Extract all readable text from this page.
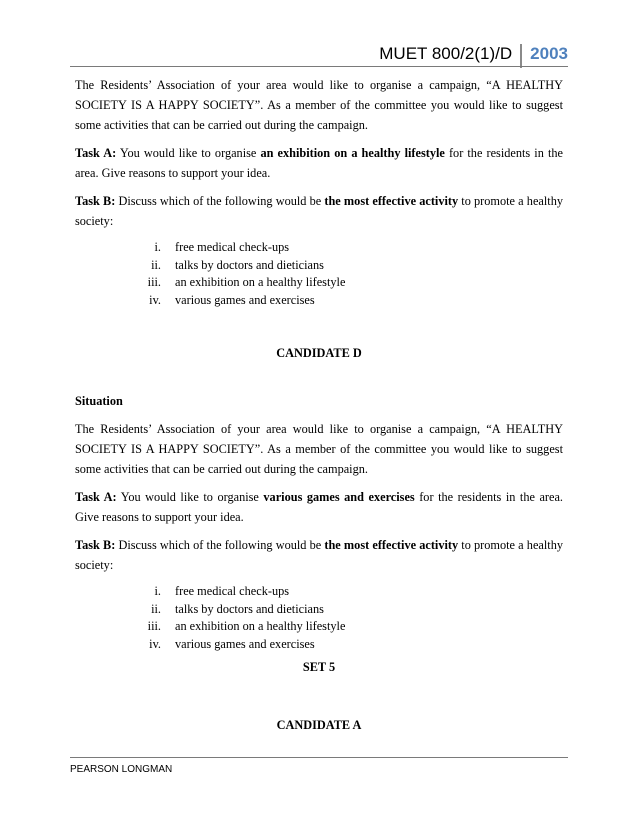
MUET 800/2(1)/D	2003

The Residents’ Association of your area would like to organise a campaign, “A HEALTHY SOCIETY IS A HAPPY SOCIETY”. As a member of the committee you would like to suggest some activities that can be carried out during the campaign.

Task A: You would like to organise an exhibition on a healthy lifestyle for the residents in the area. Give reasons to support your idea.

Task B: Discuss which of the following would be the most effective activity to promote a healthy society:

i.	free medical check-ups
ii.	talks by doctors and dieticians
iii.	an exhibition on a healthy lifestyle
iv.	various games and exercises
CANDIDATE D
Situation

The Residents’ Association of your area would like to organise a campaign, “A HEALTHY SOCIETY IS A HAPPY SOCIETY”. As a member of the committee you would like to suggest some activities that can be carried out during the campaign.

Task A: You would like to organise various games and exercises for the residents in the area. Give reasons to support your idea.

Task B: Discuss which of the following would be the most effective activity to promote a healthy society:

i.	free medical check-ups
ii.	talks by doctors and dieticians
iii.	an exhibition on a healthy lifestyle
iv.	various games and exercises
SET 5
CANDIDATE A
PEARSON LONGMAN
